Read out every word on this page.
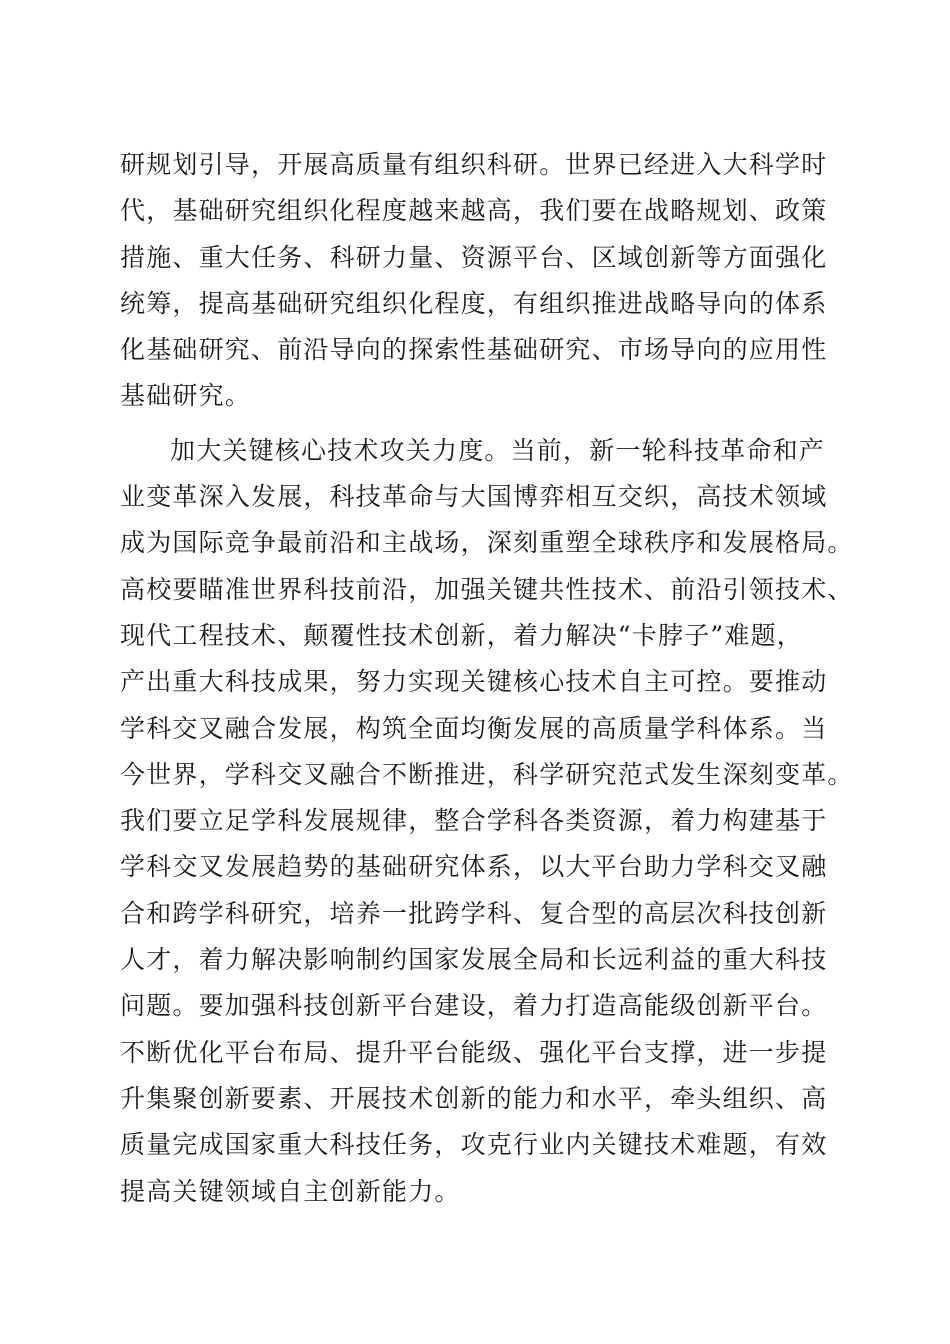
研规划引导，开展高质量有组织科研。世界已经进入大科学时
代，基础研究组织化程度越来越高，我们要在战略规划、政策
措施、重大任务、科研力量、资源平台、区域创新等方面强化
统筹，提高基础研究组织化程度，有组织推进战略导向的体系
化基础研究、前沿导向的探索性基础研究、市场导向的应用性
基础研究。
加大关键核心技术攻关力度。当前，新一轮科技革命和产
业变革深入发展，科技革命与大国博弈相互交织，高技术领域
成为国际竞争最前沿和主战场，深刻重塑全球秩序和发展格局。
高校要瞄准世界科技前沿，加强关键共性技术、前沿引领技术、
现代工程技术、颠覆性技术创新，着力解决“卡脖子”难题，
产出重大科技成果，努力实现关键核心技术自主可控。要推动
学科交叉融合发展，构筑全面均衡发展的高质量学科体系。当
今世界，学科交叉融合不断推进，科学研究范式发生深刻变革。
我们要立足学科发展规律，整合学科各类资源，着力构建基于
学科交叉发展趋势的基础研究体系，以大平台助力学科交叉融
合和跨学科研究，培养一批跨学科、复合型的高层次科技创新
人才，着力解决影响制约国家发展全局和长远利益的重大科技
问题。要加强科技创新平台建设，着力打造高能级创新平台。
不断优化平台布局、提升平台能级、强化平台支撑，进一步提
升集聚创新要素、开展技术创新的能力和水平，牵头组织、高
质量完成国家重大科技任务，攻克行业内关键技术难题，有效
提高关键领域自主创新能力。
